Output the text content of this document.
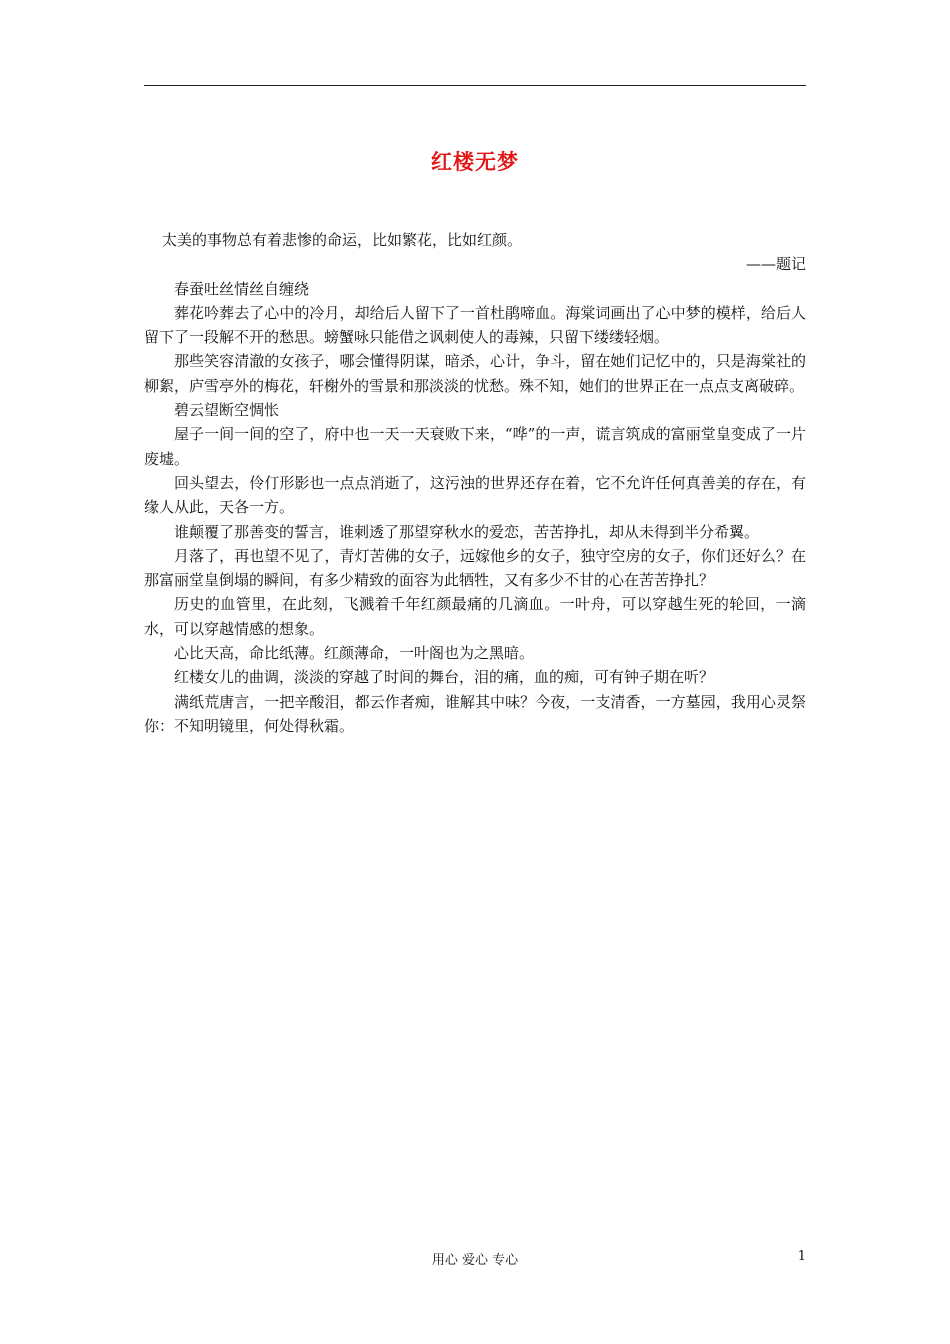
红楼无梦

太美的事物总有着悲惨的命运，比如繁花，比如红颜。

——题记

春蚕吐丝情丝自缠绕

葬花吟葬去了心中的冷月，却给后人留下了一首杜鹃啼血。海棠词画出了心中梦的模样，给后人留下了一段解不开的愁思。螃蟹咏只能借之讽刺使人的毒辣，只留下缕缕轻烟。

那些笑容清澈的女孩子，哪会懂得阴谋，暗杀，心计，争斗，留在她们记忆中的，只是海棠社的柳絮，庐雪亭外的梅花，轩榭外的雪景和那淡淡的忧愁。殊不知，她们的世界正在一点点支离破碎。

碧云望断空惆怅

屋子一间一间的空了，府中也一天一天衰败下来，“哗”的一声，谎言筑成的富丽堂皇变成了一片废墟。

回头望去，伶仃形影也一点点消逝了，这污浊的世界还存在着，它不允许任何真善美的存在，有缘人从此，天各一方。

谁颠覆了那善变的誓言，谁刺透了那望穿秋水的爱恋，苦苦挣扎，却从未得到半分希翼。

月落了，再也望不见了，青灯苦佛的女子，远嫁他乡的女子，独守空房的女子，你们还好么？在那富丽堂皇倒塌的瞬间，有多少精致的面容为此牺牲，又有多少不甘的心在苦苦挣扎？

历史的血管里，在此刻，飞溅着千年红颜最痛的几滴血。一叶舟，可以穿越生死的轮回，一滴水，可以穿越情感的想象。

心比天高，命比纸薄。红颜薄命，一叶阁也为之黑暗。

红楼女儿的曲调，淡淡的穿越了时间的舞台，泪的痛，血的痴，可有钟子期在听？

满纸荒唐言，一把辛酸泪，都云作者痴，谁解其中味？今夜，一支清香，一方墓园，我用心灵祭你：不知明镜里，何处得秋霜。

用心 爱心 专心	1
